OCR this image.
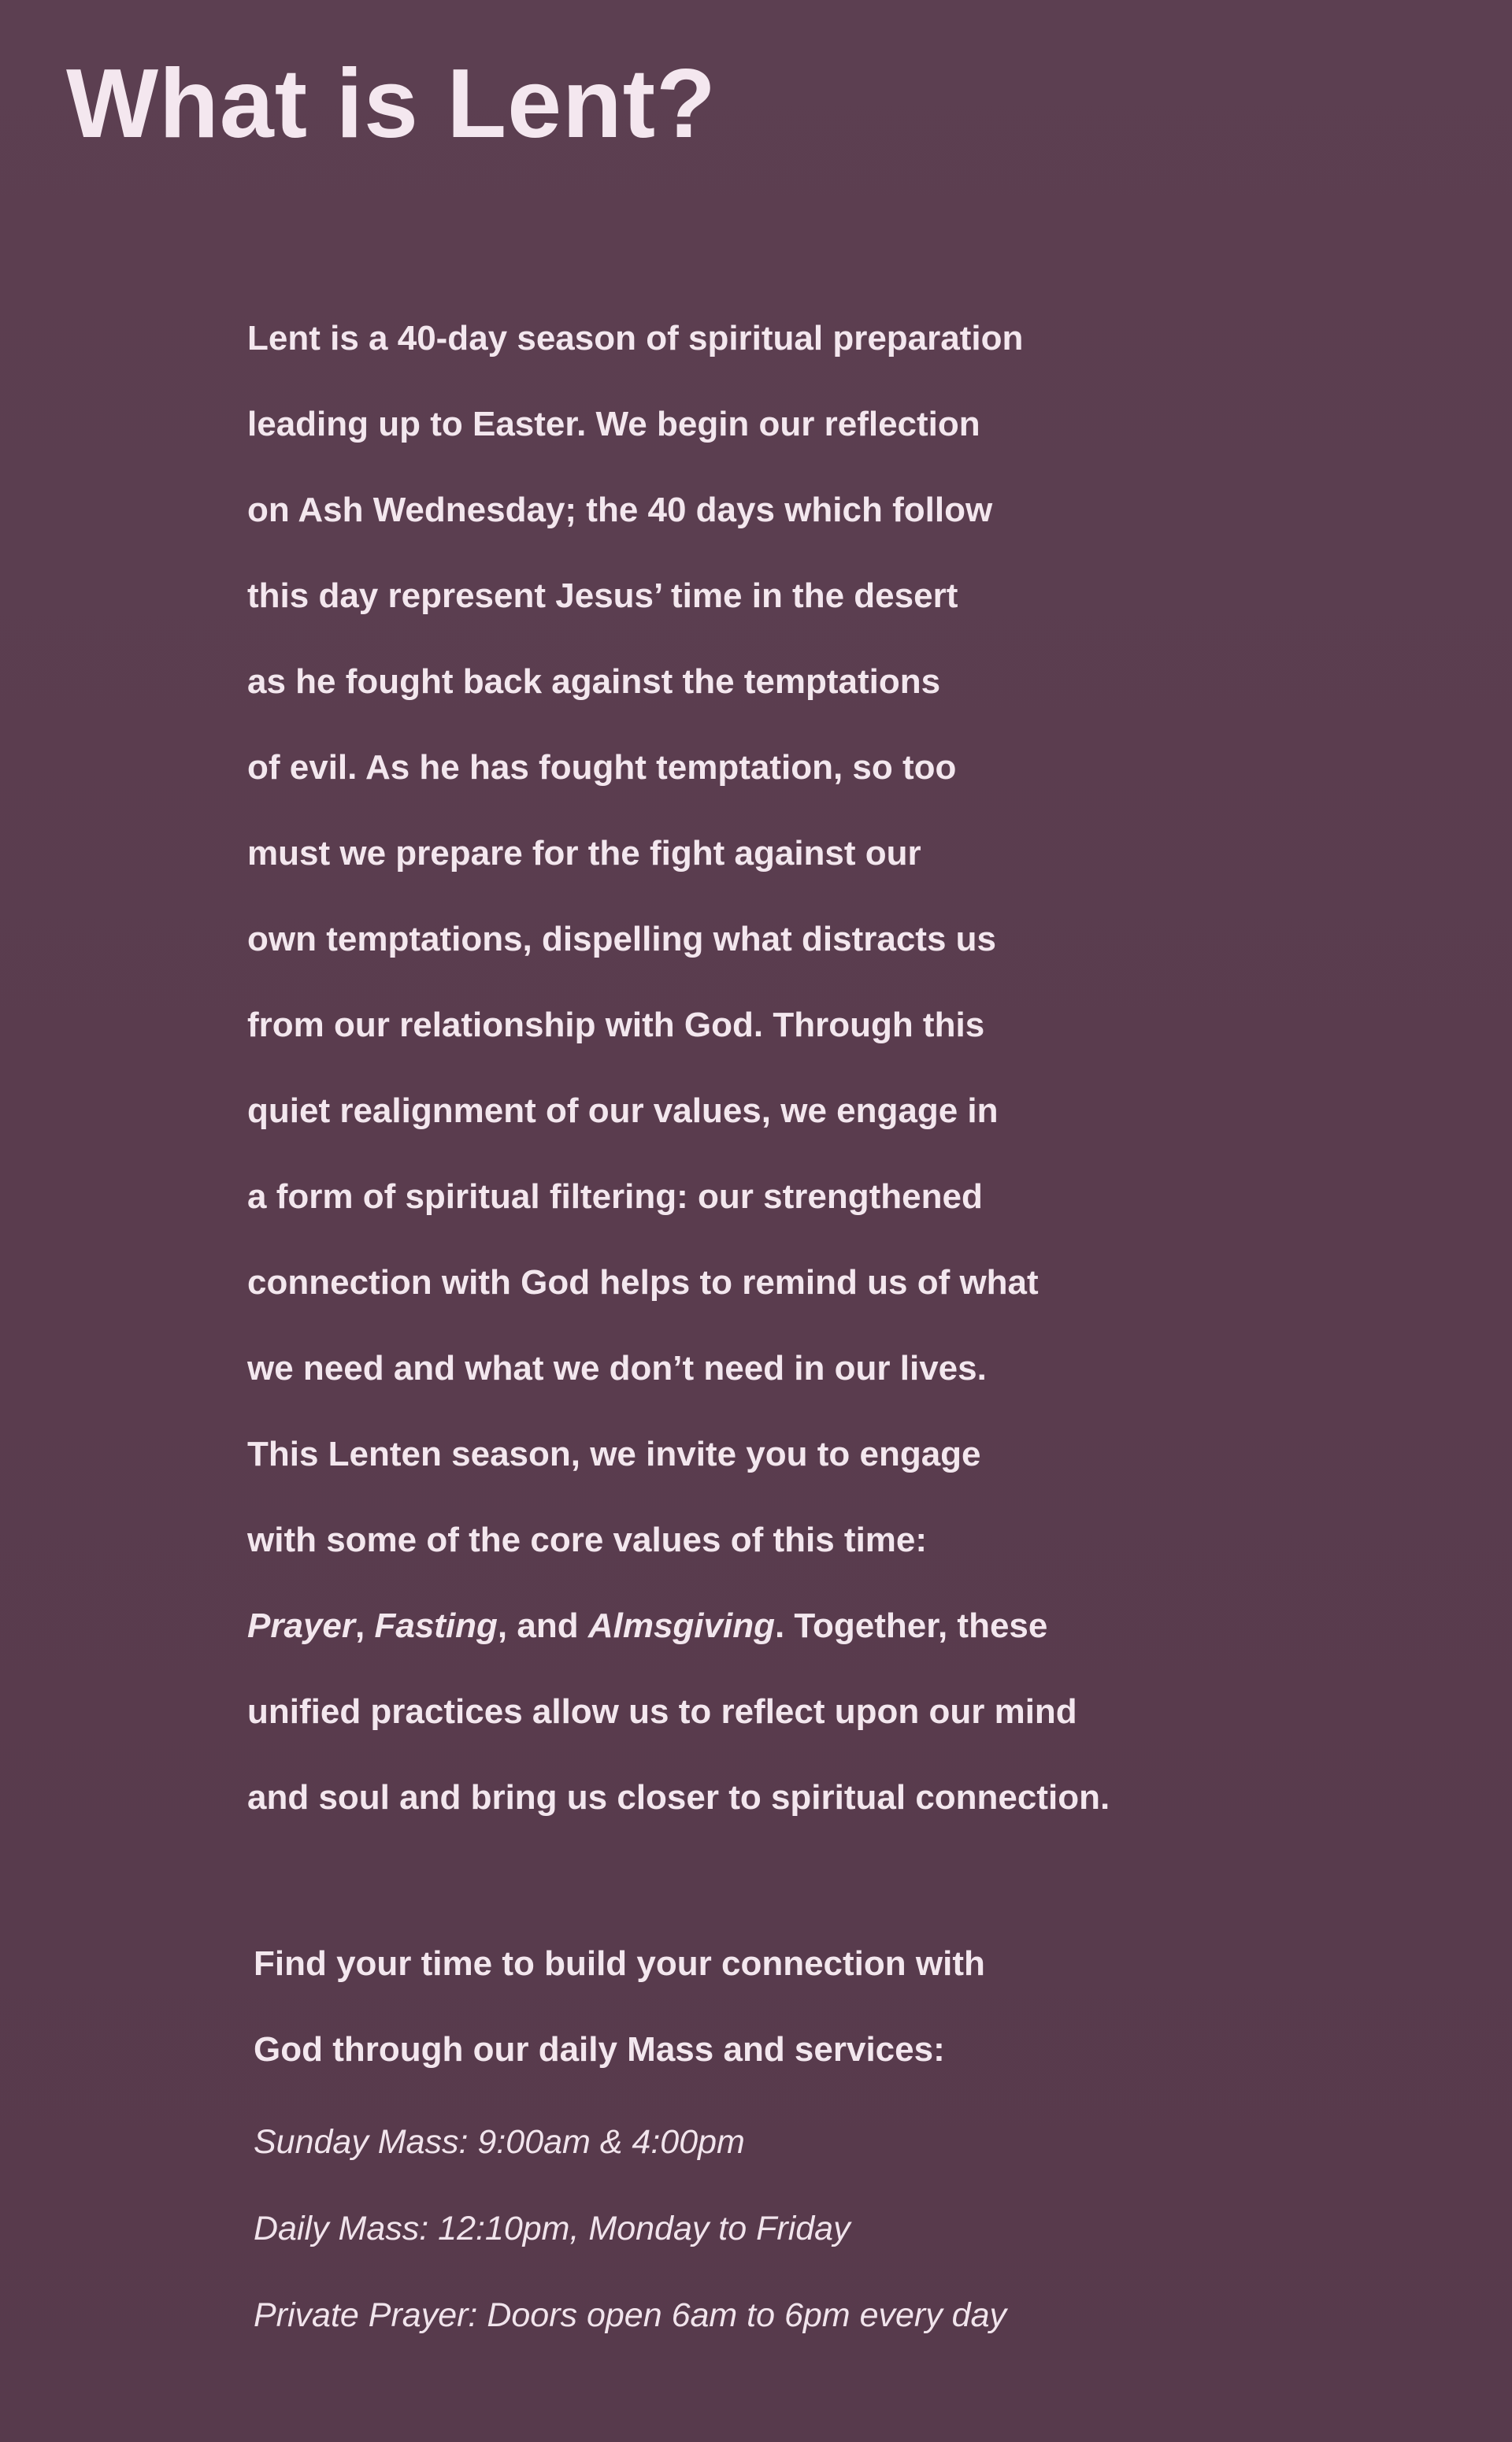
What is Lent?
Lent is a 40-day season of spiritual preparation
leading up to Easter. We begin our reflection
on Ash Wednesday; the 40 days which follow
this day represent Jesus’ time in the desert
as he fought back against the temptations
of evil. As he has fought temptation, so too
must we prepare for the fight against our
own temptations, dispelling what distracts us
from our relationship with God. Through this
quiet realignment of our values, we engage in
a form of spiritual filtering: our strengthened
connection with God helps to remind us of what
we need and what we don’t need in our lives.
This Lenten season, we invite you to engage
with some of the core values of this time:
Prayer, Fasting, and Almsgiving. Together, these
unified practices allow us to reflect upon our mind
and soul and bring us closer to spiritual connection.
Find your time to build your connection with
God through our daily Mass and services:
Sunday Mass: 9:00am & 4:00pm
Daily Mass: 12:10pm, Monday to Friday
Private Prayer: Doors open 6am to 6pm every day
